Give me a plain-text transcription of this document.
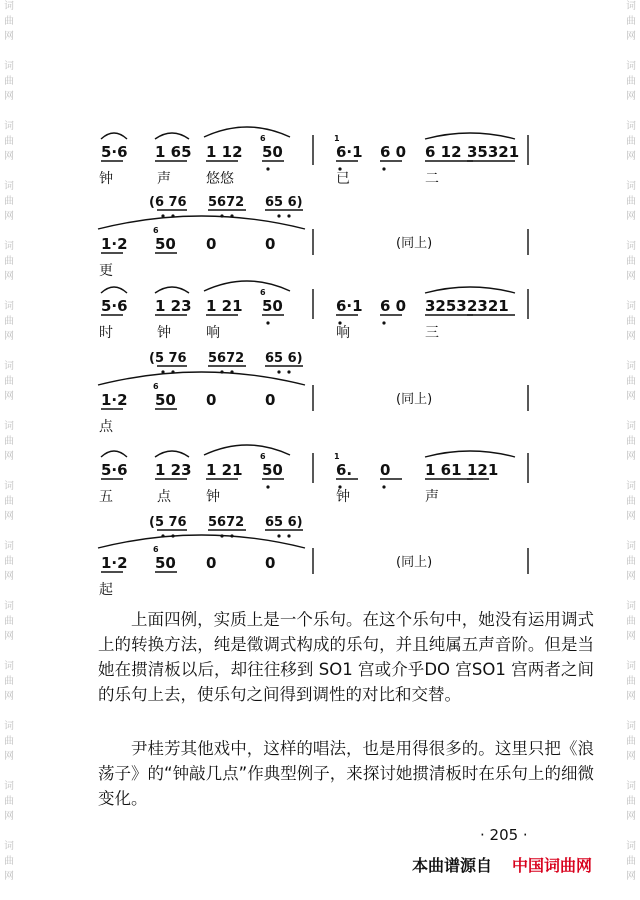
词
曲
网
词
曲
网
词
曲
网
词
曲
网
词
曲
网
词
曲
网
词
曲
网
词
曲
网
词
曲
网
词
曲
网
词
曲
网
词
曲
网
词
曲
网
词
曲
网
词
曲
网
词
曲
网
词
曲
网
词
曲
网
词
曲
网
词
曲
网
词
曲
网
词
曲
网
词
曲
网
词
曲
网
词
曲
网
词
曲
网
词
曲
网
词
曲
网
词
曲
网
词
曲
网
5·6 1 65 1 12 50
6
6·1 6 0 6 12 35321
1
钟	声	悠悠	已	二
5·6 1 23 1 21 50
6
6·1 6 0 3253 2321
时	钟	响	响	三
5·6 1 23 1 21 50
6
6. 0 1 61 121
1
五	点	钟	钟	声
(6 76 5672 65 6)
1·2 50 0	0
6
(同上)
更
(5 76 5672 65 6)
1·2 50 0	0
6
(同上)
点
(5 76 5672 65 6)
1·2 50 0	0
6
(同上)
起

上面四例，实质上是一个乐句。在这个乐句中，她没有运用调式上的转换方法，纯是徵调式构成的乐句，并且纯属五声音阶。但是当她在掼清板以后，却往往移到 SO1 宫或介乎DO 宫SO1 宫两者之间的乐句上去，使乐句之间得到调性的对比和交替。

尹桂芳其他戏中，这样的唱法，也是用得很多的。这里只把《浪荡子》的“钟敲几点”作典型例子，来探讨她掼清板时在乐句上的细微变化。

· 205 ·
本曲谱源自 中国词曲网
